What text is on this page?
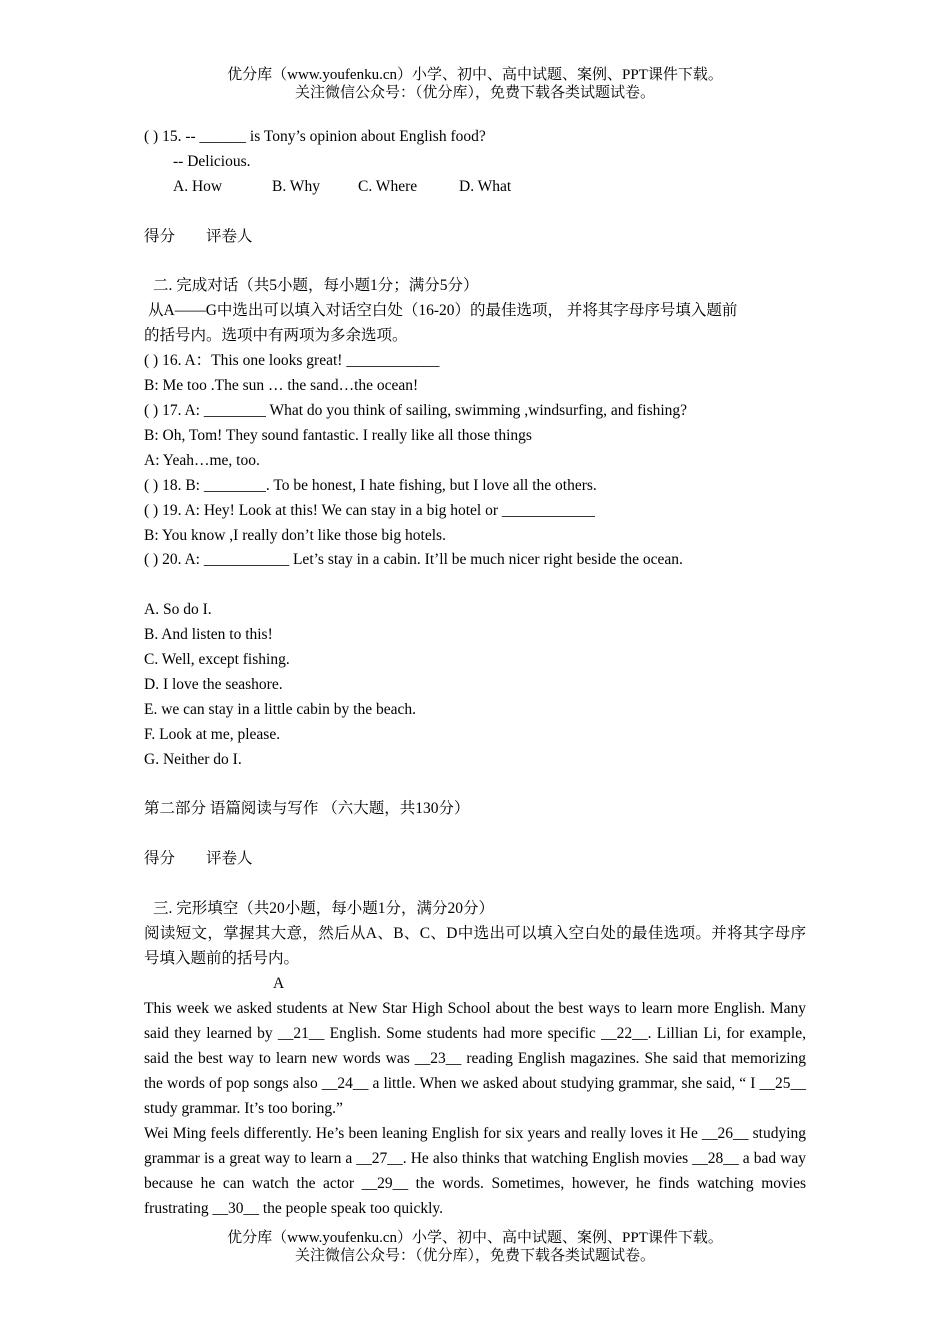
优分库（www.youfenku.cn）小学、初中、高中试题、案例、PPT课件下载。
关注微信公众号：（优分库），免费下载各类试题试卷。
( ) 15. -- ______ is Tony’s opinion about English food?
-- Delicious.
A. How	B. Why C. Where	D. What
得分　　评卷人
二. 完成对话（共5小题，每小题1分；满分5分）
从A——G中选出可以填入对话空白处（16-20）的最佳选项， 并将其字母序号填入题前
的括号内。选项中有两项为多余选项。
( ) 16. A：This one looks great! ____________
B: Me too .The sun … the sand…the ocean!
( ) 17. A: ________ What do you think of sailing, swimming ,windsurfing, and fishing?
B: Oh, Tom! They sound fantastic. I really like all those things
A: Yeah…me, too.
( ) 18. B: ________. To be honest, I hate fishing, but I love all the others.
( ) 19. A: Hey! Look at this! We can stay in a big hotel or ____________
B: You know ,I really don’t like those big hotels.
( ) 20. A: ___________ Let’s stay in a cabin. It’ll be much nicer right beside the ocean.
A. So do I.
B. And listen to this!
C. Well, except fishing.
D. I love the seashore.
E. we can stay in a little cabin by the beach.
F. Look at me, please.
G. Neither do I.
第二部分 语篇阅读与写作 （六大题，共130分）
得分　　评卷人
三. 完形填空（共20小题，每小题1分，满分20分）
阅读短文，掌握其大意，然后从A、B、C、D中选出可以填入空白处的最佳选项。并将其字母序号填入题前的括号内。
A
This week we asked students at New Star High School about the best ways to learn more English. Many said they learned by __21__ English. Some students had more specific __22__. Lillian Li, for example, said the best way to learn new words was __23__ reading English magazines. She said that memorizing the words of pop songs also __24__ a little. When we asked about studying grammar, she said, “ I __25__ study grammar. It’s too boring.”
Wei Ming feels differently. He’s been leaning English for six years and really loves it He __26__ studying grammar is a great way to learn a __27__. He also thinks that watching English movies __28__ a bad way because he can watch the actor __29__ the words. Sometimes, however, he finds watching movies frustrating __30__ the people speak too quickly.
优分库（www.youfenku.cn）小学、初中、高中试题、案例、PPT课件下载。
关注微信公众号：（优分库），免费下载各类试题试卷。
